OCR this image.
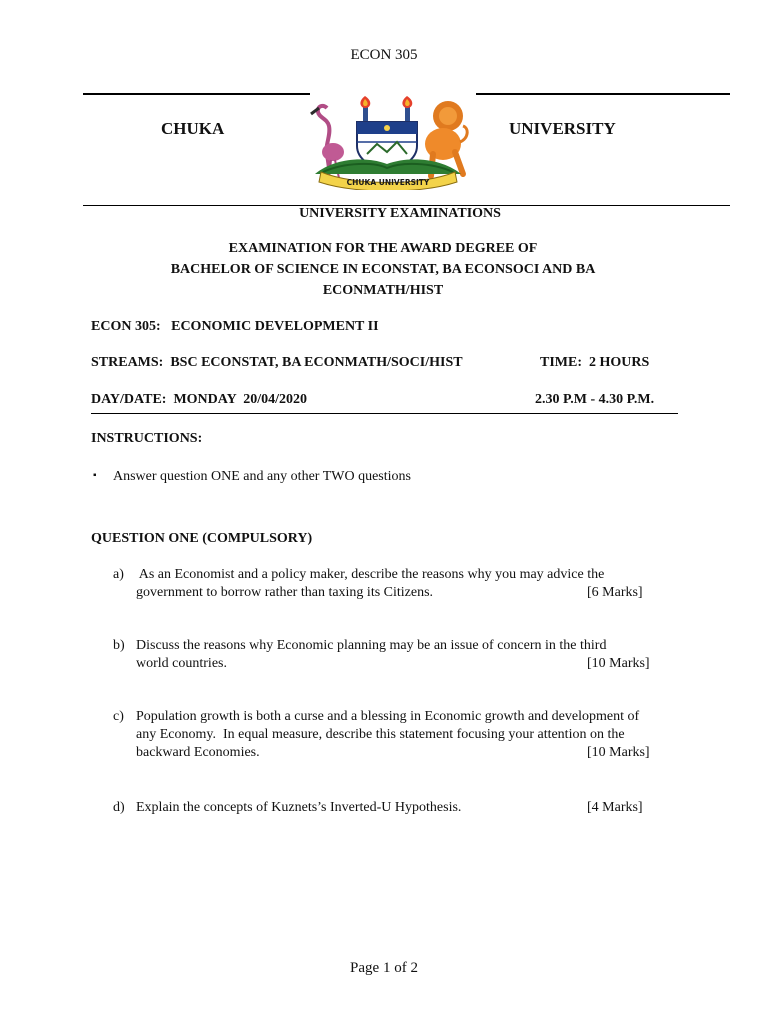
ECON 305
CHUKA	UNIVERSITY
CHUKA UNIVERSITY
UNIVERSITY EXAMINATIONS
EXAMINATION FOR THE AWARD DEGREE OF
BACHELOR OF SCIENCE IN ECONSTAT, BA ECONSOCI AND BA
ECONMATH/HIST
ECON 305:   ECONOMIC DEVELOPMENT II
STREAMS:  BSC ECONSTAT, BA ECONMATH/SOCI/HIST	TIME:  2 HOURS
DAY/DATE:  MONDAY  20/04/2020	2.30 P.M - 4.30 P.M.
INSTRUCTIONS:
▪ Answer question ONE and any other TWO questions
QUESTION ONE (COMPULSORY)
a) As an Economist and a policy maker, describe the reasons why you may advice the
government to borrow rather than taxing its Citizens.	[6 Marks]
b) Discuss the reasons why Economic planning may be an issue of concern in the third
world countries.	[10 Marks]
c) Population growth is both a curse and a blessing in Economic growth and development of
any Economy.  In equal measure, describe this statement focusing your attention on the
backward Economies.	[10 Marks]
d) Explain the concepts of Kuznets’s Inverted-U Hypothesis.	[4 Marks]
Page 1 of 2
